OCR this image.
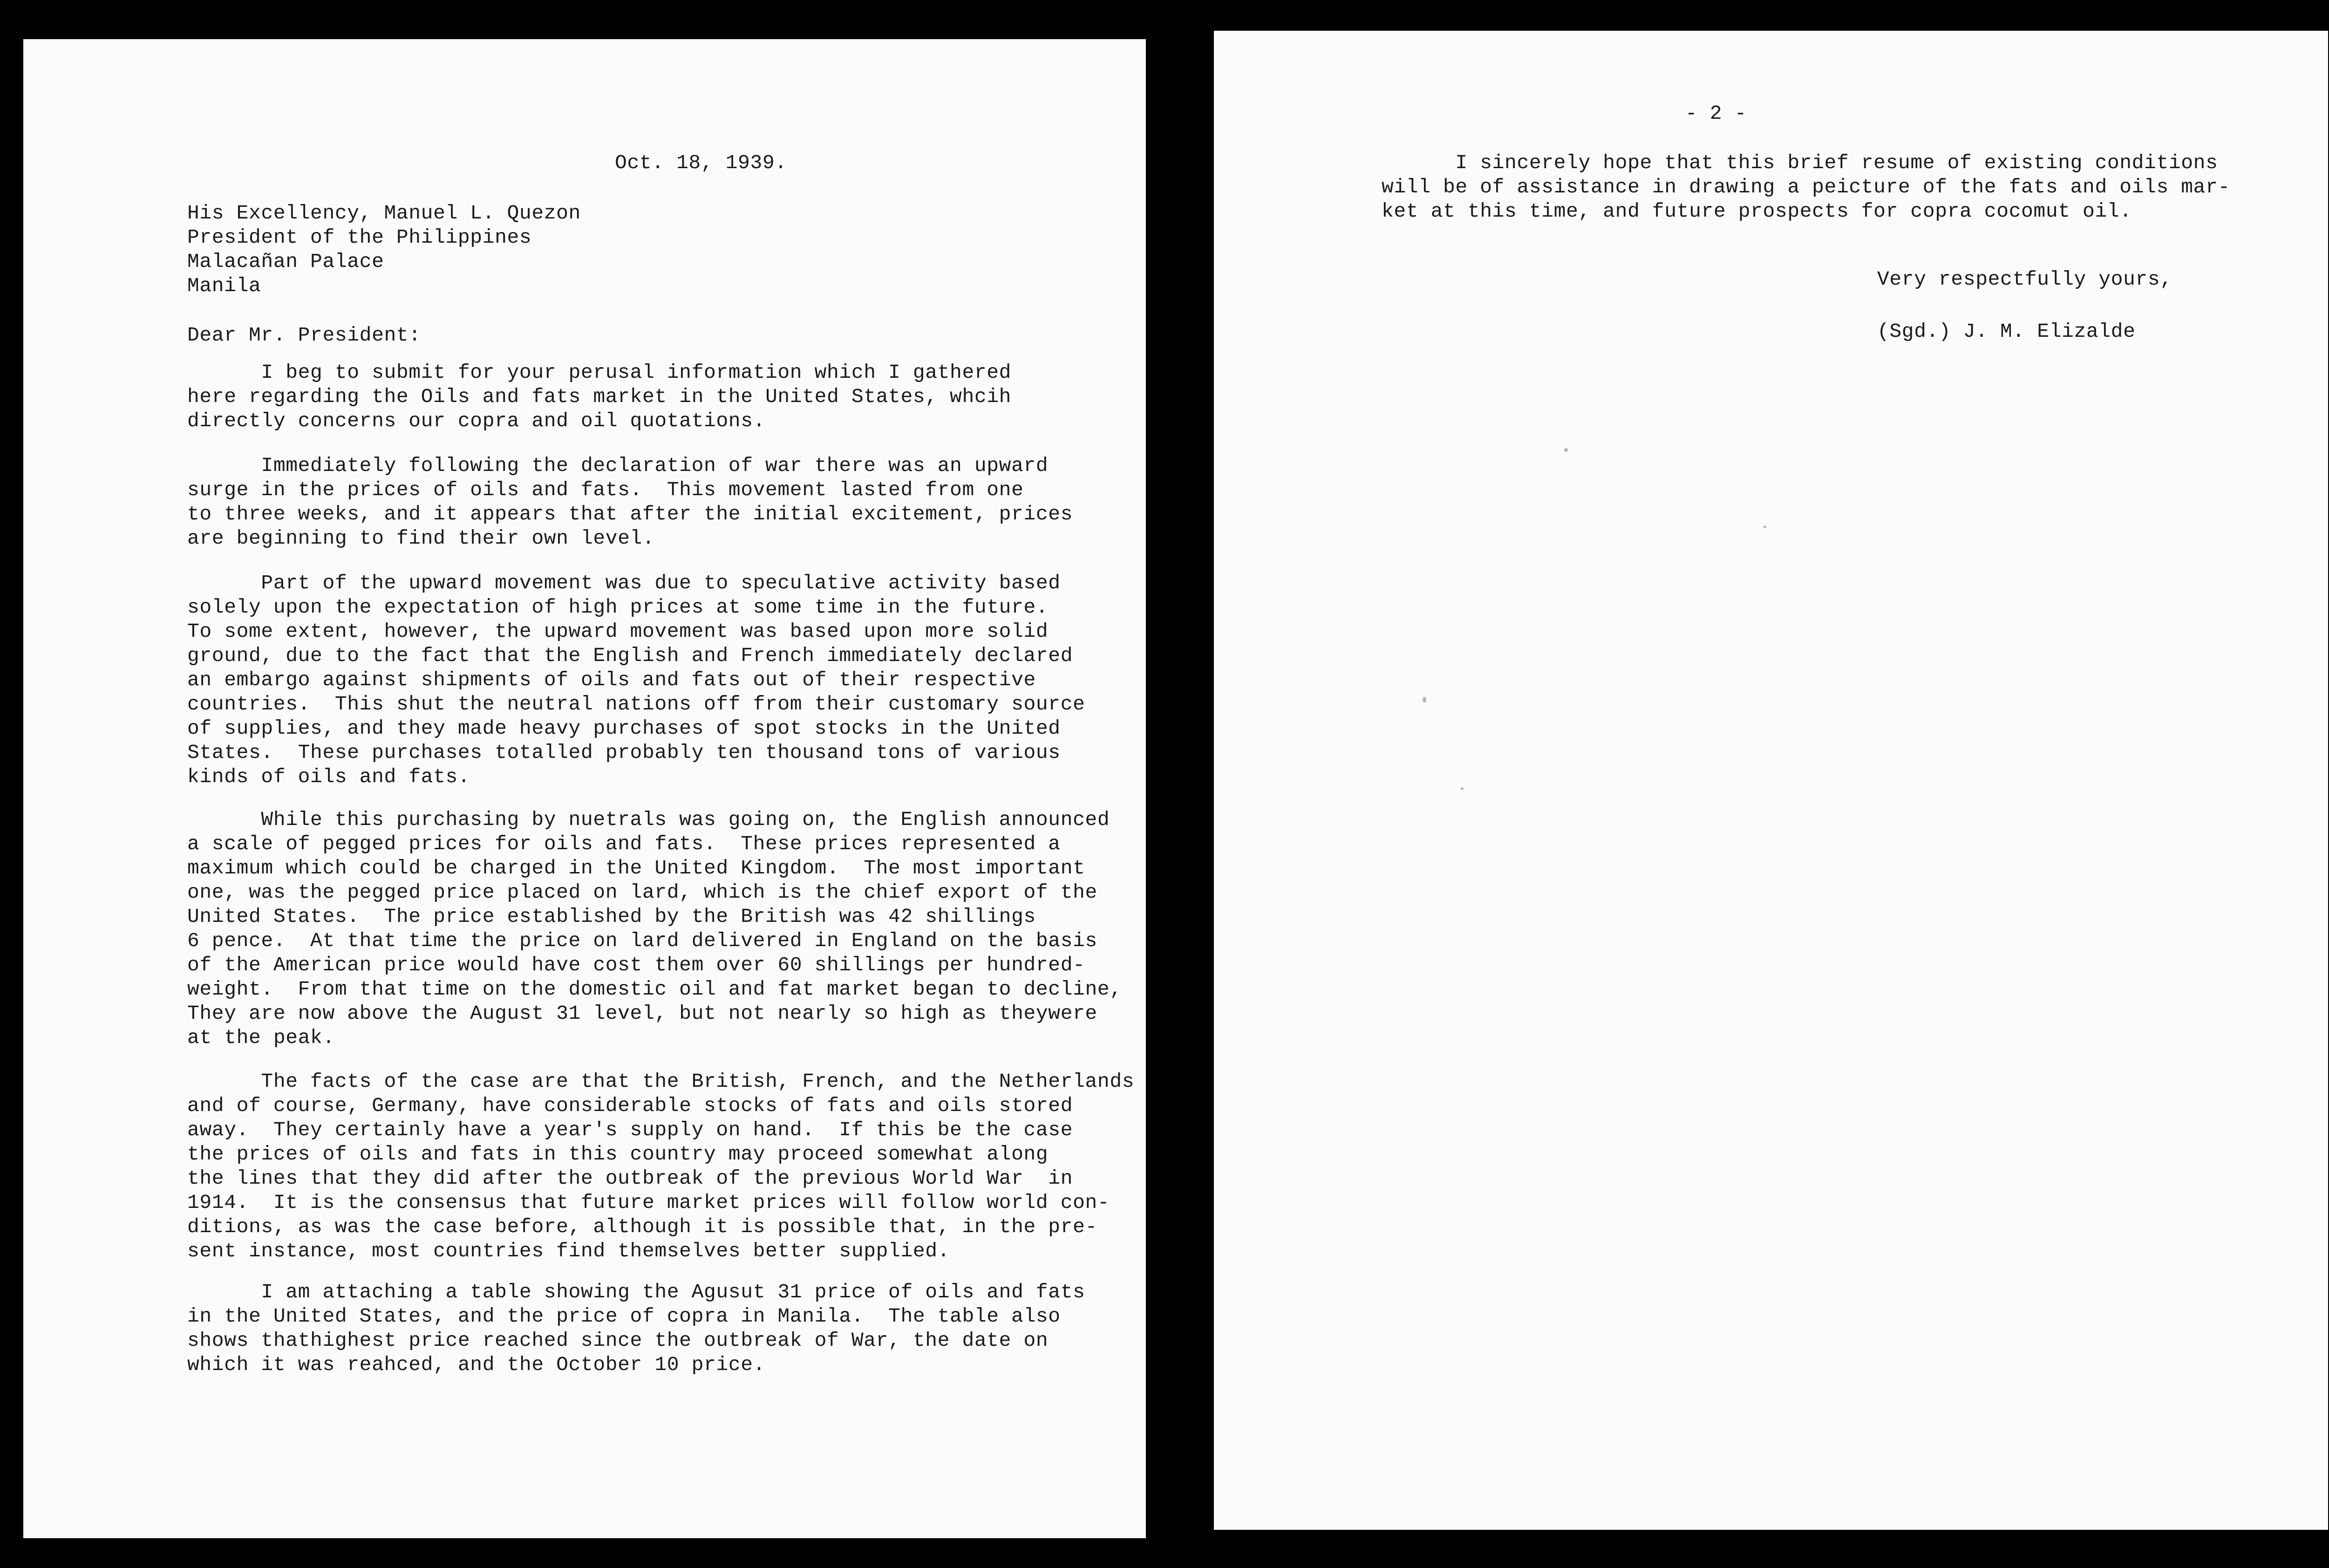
Oct. 18, 1939.
His Excellency, Manuel L. Quezon
President of the Philippines
Malacañan Palace
Manila
Dear Mr. President:
I beg to submit for your perusal information which I gathered
here regarding the Oils and fats market in the United States, whcih
directly concerns our copra and oil quotations.
Immediately following the declaration of war there was an upward
surge in the prices of oils and fats.  This movement lasted from one
to three weeks, and it appears that after the initial excitement, prices
are beginning to find their own level.
Part of the upward movement was due to speculative activity based
solely upon the expectation of high prices at some time in the future.
To some extent, however, the upward movement was based upon more solid
ground, due to the fact that the English and French immediately declared
an embargo against shipments of oils and fats out of their respective
countries.  This shut the neutral nations off from their customary source
of supplies, and they made heavy purchases of spot stocks in the United
States.  These purchases totalled probably ten thousand tons of various
kinds of oils and fats.
While this purchasing by nuetrals was going on, the English announced
a scale of pegged prices for oils and fats.  These prices represented a
maximum which could be charged in the United Kingdom.  The most important
one, was the pegged price placed on lard, which is the chief export of the
United States.  The price established by the British was 42 shillings
6 pence.  At that time the price on lard delivered in England on the basis
of the American price would have cost them over 60 shillings per hundred-
weight.  From that time on the domestic oil and fat market began to decline,
They are now above the August 31 level, but not nearly so high as theywere
at the peak.
The facts of the case are that the British, French, and the Netherlands
and of course, Germany, have considerable stocks of fats and oils stored
away.  They certainly have a year's supply on hand.  If this be the case
the prices of oils and fats in this country may proceed somewhat along
the lines that they did after the outbreak of the previous World War  in
1914.  It is the consensus that future market prices will follow world con-
ditions, as was the case before, although it is possible that, in the pre-
sent instance, most countries find themselves better supplied.
I am attaching a table showing the Agusut 31 price of oils and fats
in the United States, and the price of copra in Manila.  The table also
shows thathighest price reached since the outbreak of War, the date on
which it was reahced, and the October 10 price.
- 2 -
I sincerely hope that this brief resume of existing conditions
will be of assistance in drawing a peicture of the fats and oils mar-
ket at this time, and future prospects for copra cocomut oil.
Very respectfully yours,
(Sgd.) J. M. Elizalde
